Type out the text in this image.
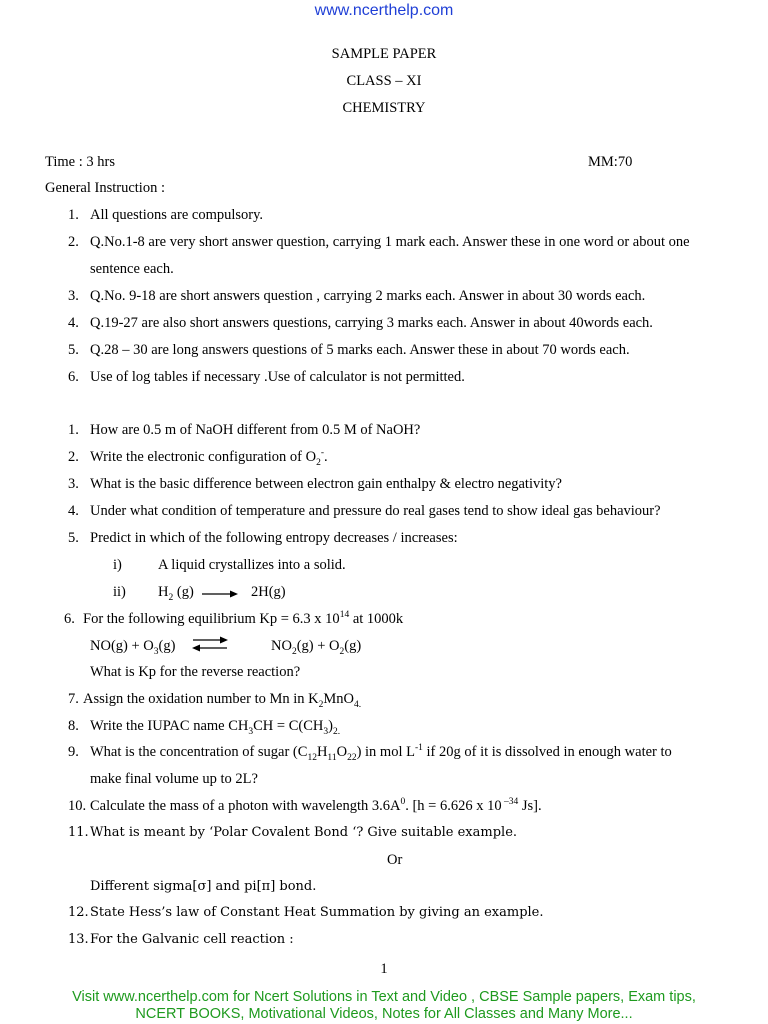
www.ncerthelp.com
SAMPLE PAPER
CLASS – XI
CHEMISTRY
Time : 3 hrs	MM:70
General Instruction :
1. All questions are compulsory.
2. Q.No.1-8 are very short answer question, carrying 1 mark each. Answer these in one word or about one
sentence each.
3. Q.No. 9-18 are short answers question , carrying 2 marks each. Answer in about 30 words each.
4. Q.19-27 are also short answers questions, carrying 3 marks each. Answer in about 40words each.
5. Q.28 – 30 are long answers questions of 5 marks each. Answer these in about 70 words each.
6. Use of log tables if necessary .Use of calculator is not permitted.
1. How are 0.5 m of NaOH different from 0.5 M of NaOH?
2. Write the electronic configuration of $O_2^-$.
3. What is the basic difference between electron gain enthalpy & electro negativity?
4. Under what condition of temperature and pressure do real gases tend to show ideal gas behaviour?
5. Predict in which of the following entropy decreases / increases:
i) A liquid crystallizes into a solid.
ii) $H_2$ (g)	2H(g)
6. For the following equilibrium Kp = 6.3 x $10^{14}$ at 1000k
$NO(g) + O_3(g)$ ⇌	$NO_2(g) + O_2(g)$
What is Kp for the reverse reaction?
7. Assign the oxidation number to Mn in $K_2MnO_{4.}$
8. Write the IUPAC name $CH_3CH = C(CH_3)_{2.}$
9. What is the concentration of sugar $(C_{12}H_{11}O_{22})$ in mol $L^{-1}$ if 20g of it is dissolved in enough water to
make final volume up to 2L?
10. Calculate the mass of a photon with wavelength $3.6A^0$. [h = 6.626 x 10 $^{-34}$ Js].
11. What is meant by ‘Polar Covalent Bond ‘? Give suitable example.
Or
Different sigma[σ] and pi[π] bond.
12. State Hess’s law of Constant Heat Summation by giving an example.
13. For the Galvanic cell reaction :
1
Visit www.ncerthelp.com for Ncert Solutions in Text and Video , CBSE Sample papers, Exam tips,
NCERT BOOKS, Motivational Videos, Notes for All Classes and Many More...
